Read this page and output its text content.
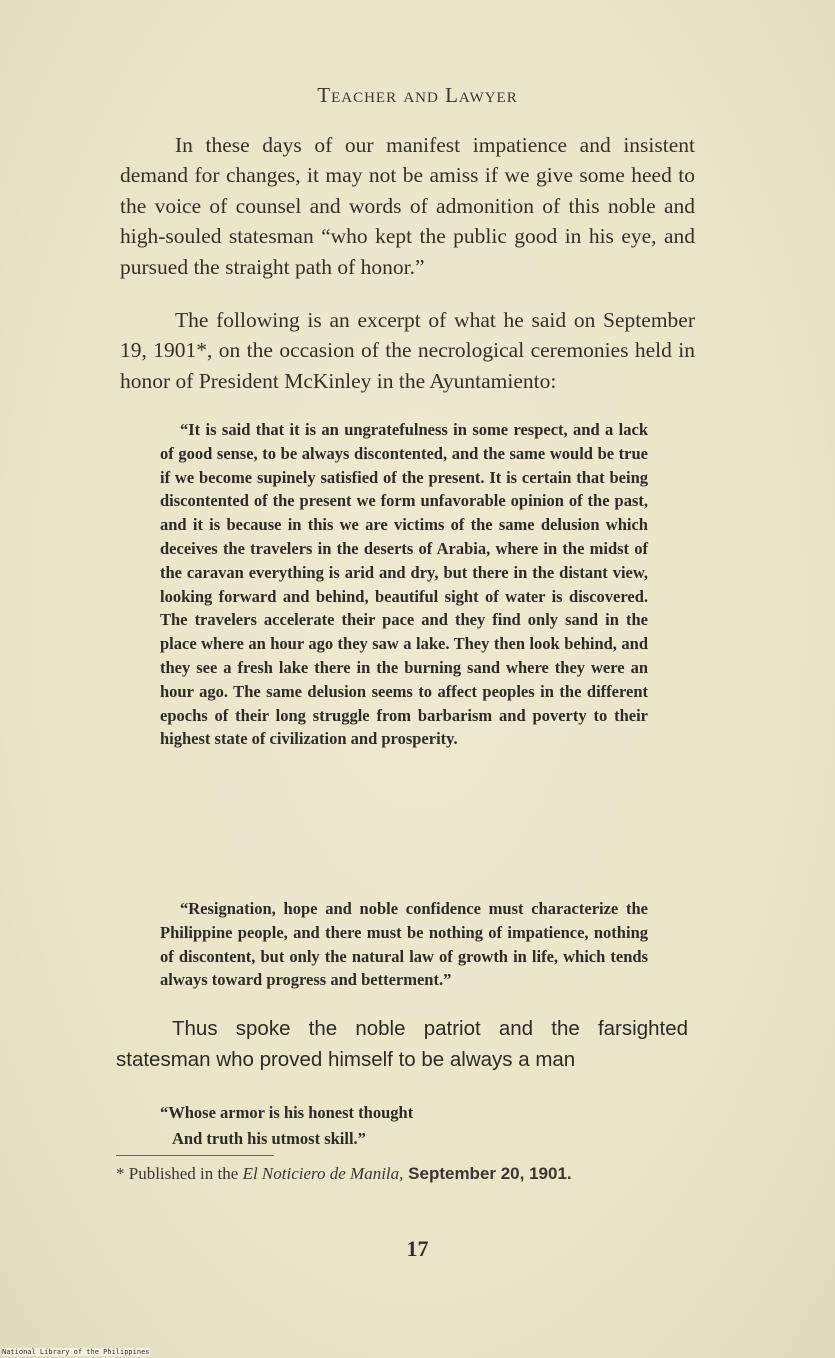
Teacher and Lawyer
In these days of our manifest impatience and insistent demand for changes, it may not be amiss if we give some heed to the voice of counsel and words of admonition of this noble and high-souled statesman “who kept the public good in his eye, and pursued the straight path of honor.”
The following is an excerpt of what he said on September 19, 1901*, on the occasion of the necrological ceremonies held in honor of President McKinley in the Ayuntamiento:
“It is said that it is an ungratefulness in some respect, and a lack of good sense, to be always discontented, and the same would be true if we become supinely satisfied of the present. It is certain that being discontented of the present we form unfavorable opinion of the past, and it is because in this we are victims of the same delusion which deceives the travelers in the deserts of Arabia, where in the midst of the caravan everything is arid and dry, but there in the distant view, looking forward and behind, beautiful sight of water is discovered. The travelers accelerate their pace and they find only sand in the place where an hour ago they saw a lake. They then look behind, and they see a fresh lake there in the burning sand where they were an hour ago. The same delusion seems to affect peoples in the different epochs of their long struggle from barbarism and poverty to their highest state of civilization and prosperity.
“Resignation, hope and noble confidence must characterize the Philippine people, and there must be nothing of impatience, nothing of discontent, but only the natural law of growth in life, which tends always toward progress and betterment.”
Thus spoke the noble patriot and the farsighted statesman who proved himself to be always a man
“Whose armor is his honest thought
And truth his utmost skill.”
* Published in the El Noticiero de Manila, September 20, 1901.
17
National Library of the Philippines
